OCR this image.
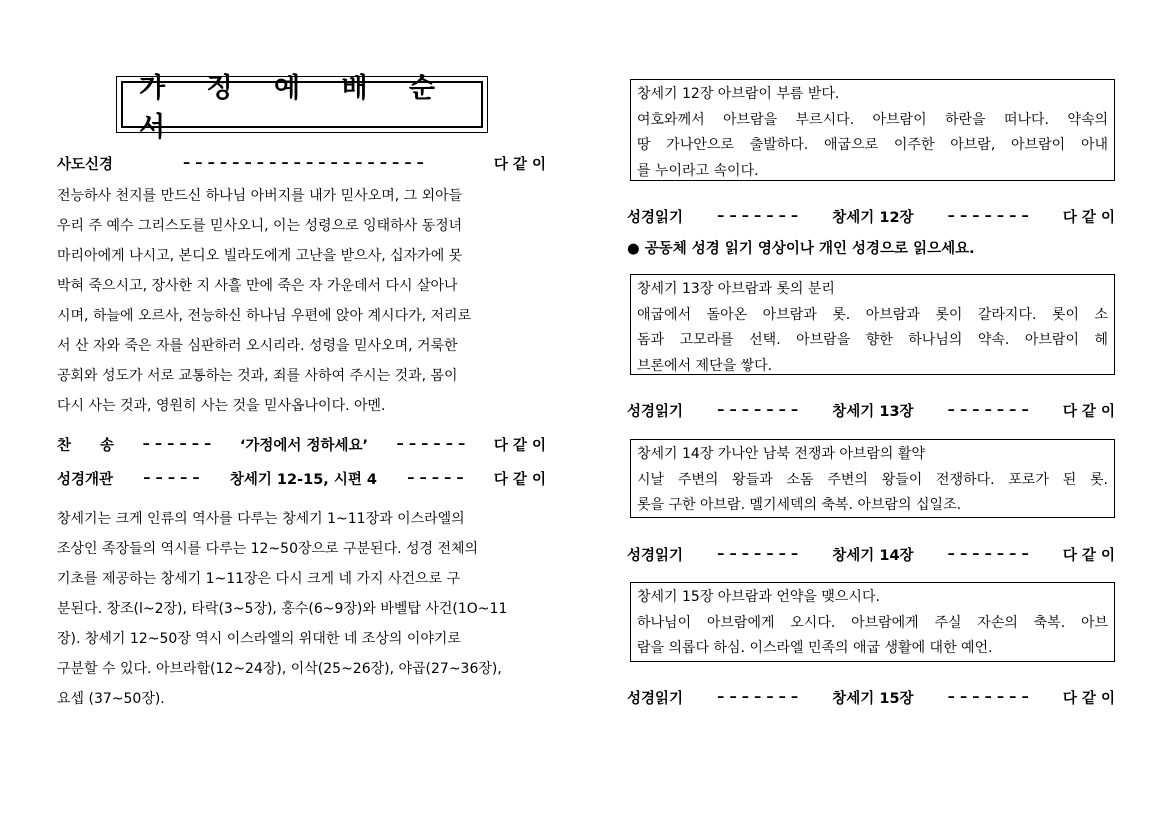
가 정 예 배 순 서
사도신경	– – – – – – – – – – – – – – – – – – – –	다 같 이
전능하사 천지를 만드신 하나님 아버지를 내가 믿사오며, 그 외아들
우리 주 예수 그리스도를 믿사오니, 이는 성령으로 잉태하사 동정녀
마리아에게 나시고, 본디오 빌라도에게 고난을 받으사, 십자가에 못
박혀 죽으시고, 장사한 지 사흘 만에 죽은 자 가운데서 다시 살아나
시며, 하늘에 오르사, 전능하신 하나님 우편에 앉아 계시다가, 저리로
서 산 자와 죽은 자를 심판하러 오시리라. 성령을 믿사오며, 거룩한
공회와 성도가 서로 교통하는 것과, 죄를 사하여 주시는 것과, 몸이
다시 사는 것과, 영원히 사는 것을 믿사옵나이다. 아멘.
찬　　송 – – – – – – ‘가정에서 정하세요’ – – – – – – 다 같 이
성경개관 – – – – – 창세기 12-15, 시편 4 – – – – – 다 같 이
창세기는 크게 인류의 역사를 다루는 창세기 1~11장과 이스라엘의
조상인 족장들의 역시를 다루는 12~50장으로 구분된다. 성경 전체의
기초를 제공하는 창세기 1~11장은 다시 크게 네 가지 사건으로 구
분된다. 창조(l~2장), 타락(3~5장), 홍수(6~9장)와 바벨탑 사건(1O~11
장). 창세기 12~50장 역시 이스라엘의 위대한 네 조상의 이야기로
구분할 수 있다. 아브라함(12~24장), 이삭(25~26장), 야곱(27~36장),
요셉 (37~50장).
창세기 12장 아브람이 부름 받다.
여호와께서 아브람을 부르시다. 아브람이 하란을 떠나다. 약속의
땅 가나안으로 출발하다. 애굽으로 이주한 아브람, 아브람이 아내
를 누이라고 속이다.
성경읽기 – – – – – – – 창세기 12장 – – – – – – – 다 같 이
● 공동체 성경 읽기 영상이나 개인 성경으로 읽으세요.
창세기 13장 아브람과 롯의 분리
애굽에서 돌아온 아브람과 롯. 아브람과 롯이 갈라지다. 롯이 소
돔과 고모라를 선택. 아브람을 향한 하나님의 약속. 아브람이 헤
브론에서 제단을 쌓다.
성경읽기 – – – – – – – 창세기 13장 – – – – – – – 다 같 이
창세기 14장 가나안 남북 전쟁과 아브람의 활약
시날 주변의 왕들과 소돔 주변의 왕들이 전쟁하다. 포로가 된 롯.
롯을 구한 아브람. 멜기세덱의 축복. 아브람의 십일조.
성경읽기 – – – – – – – 창세기 14장 – – – – – – – 다 같 이
창세기 15장 아브람과 언약을 맺으시다.
하나님이 아브람에게 오시다. 아브람에게 주실 자손의 축복. 아브
람을 의롭다 하심. 이스라엘 민족의 애굽 생활에 대한 예언.
성경읽기 – – – – – – – 창세기 15장 – – – – – – – 다 같 이
